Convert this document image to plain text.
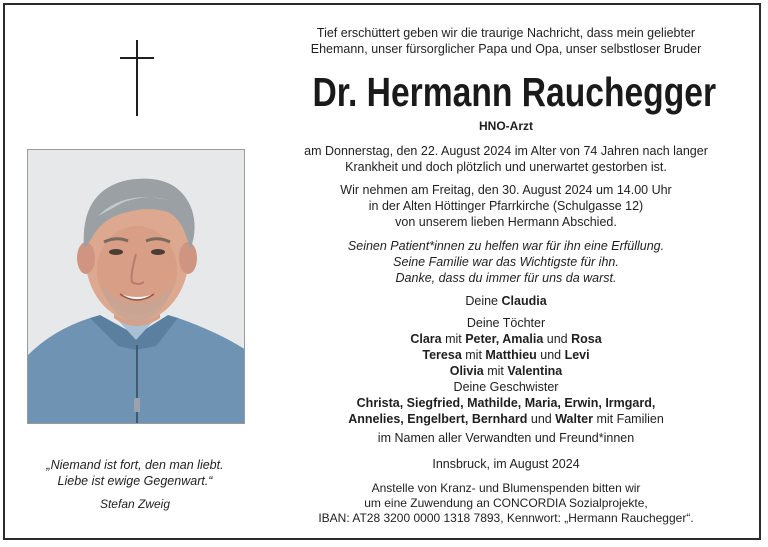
„Niemand ist fort, den man liebt.
Liebe ist ewige Gegenwart.“
Stefan Zweig
Tief erschüttert geben wir die traurige Nachricht, dass mein geliebter
Ehemann, unser fürsorglicher Papa und Opa, unser selbstloser Bruder
Dr. Hermann Rauchegger
HNO-Arzt
am Donnerstag, den 22. August 2024 im Alter von 74 Jahren nach langer
Krankheit und doch plötzlich und unerwartet gestorben ist.
Wir nehmen am Freitag, den 30. August 2024 um 14.00 Uhr
in der Alten Höttinger Pfarrkirche (Schulgasse 12)
von unserem lieben Hermann Abschied.
Seinen Patient*innen zu helfen war für ihn eine Erfüllung.
Seine Familie war das Wichtigste für ihn.
Danke, dass du immer für uns da warst.
Deine Claudia
Deine Töchter
Clara mit Peter, Amalia und Rosa
Teresa mit Matthieu und Levi
Olivia mit Valentina
Deine Geschwister
Christa, Siegfried, Mathilde, Maria, Erwin, Irmgard,
Annelies, Engelbert, Bernhard und Walter mit Familien
im Namen aller Verwandten und Freund*innen
Innsbruck, im August 2024
Anstelle von Kranz- und Blumenspenden bitten wir
um eine Zuwendung an CONCORDIA Sozialprojekte,
IBAN: AT28 3200 0000 1318 7893, Kennwort: „Hermann Rauchegger“.
